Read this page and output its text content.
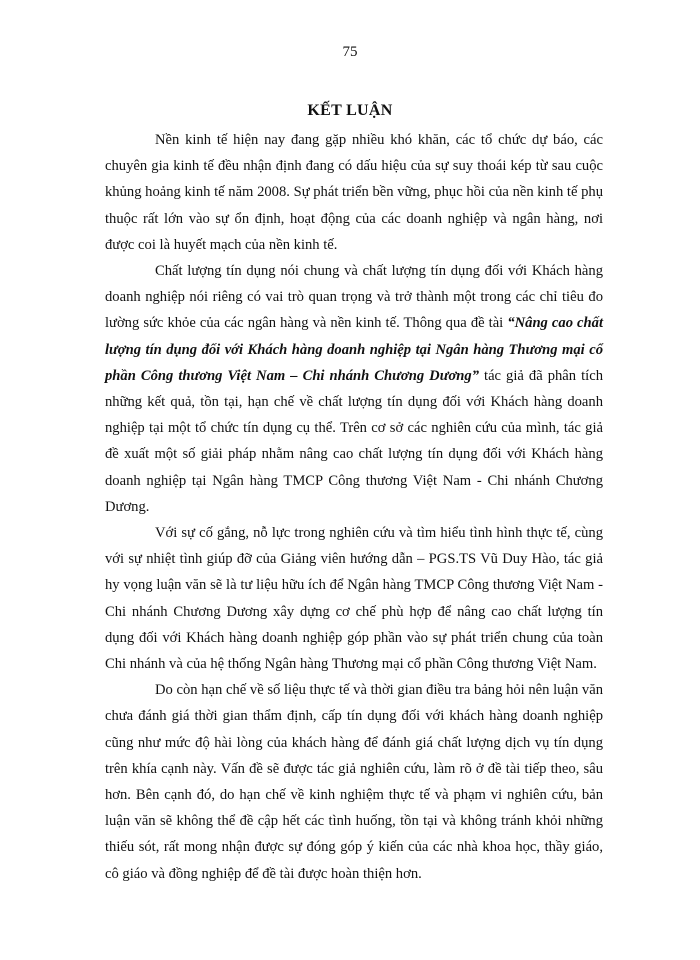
75
KẾT LUẬN

Nền kinh tế hiện nay đang gặp nhiều khó khăn, các tổ chức dự báo, các chuyên gia kinh tế đều nhận định đang có dấu hiệu của sự suy thoái kép từ sau cuộc khủng hoảng kinh tế năm 2008. Sự phát triển bền vững, phục hồi của nền kinh tế phụ thuộc rất lớn vào sự ổn định, hoạt động của các doanh nghiệp và ngân hàng, nơi được coi là huyết mạch của nền kinh tế.

Chất lượng tín dụng nói chung và chất lượng tín dụng đối với Khách hàng doanh nghiệp nói riêng có vai trò quan trọng và trở thành một trong các chỉ tiêu đo lường sức khỏe của các ngân hàng và nền kinh tế. Thông qua đề tài “Nâng cao chất lượng tín dụng đối với Khách hàng doanh nghiệp tại Ngân hàng Thương mại cổ phần Công thương Việt Nam – Chi nhánh Chương Dương” tác giả đã phân tích những kết quả, tồn tại, hạn chế về chất lượng tín dụng đối với Khách hàng doanh nghiệp tại một tổ chức tín dụng cụ thể. Trên cơ sở các nghiên cứu của mình, tác giả đề xuất một số giải pháp nhằm nâng cao chất lượng tín dụng đối với Khách hàng doanh nghiệp tại Ngân hàng TMCP Công thương Việt Nam - Chi nhánh Chương Dương.

Với sự cố gắng, nỗ lực trong nghiên cứu và tìm hiểu tình hình thực tế, cùng với sự nhiệt tình giúp đỡ của Giảng viên hướng dẫn – PGS.TS Vũ Duy Hào, tác giả hy vọng luận văn sẽ là tư liệu hữu ích để Ngân hàng TMCP Công thương Việt Nam - Chi nhánh Chương Dương xây dựng cơ chế phù hợp để nâng cao chất lượng tín dụng đối với Khách hàng doanh nghiệp góp phần vào sự phát triển chung của toàn Chi nhánh và của hệ thống Ngân hàng Thương mại cổ phần Công thương Việt Nam.

Do còn hạn chế về số liệu thực tế và thời gian điều tra bảng hỏi nên luận văn chưa đánh giá thời gian thẩm định, cấp tín dụng đối với khách hàng doanh nghiệp cũng như mức độ hài lòng của khách hàng để đánh giá chất lượng dịch vụ tín dụng trên khía cạnh này. Vấn đề sẽ được tác giả nghiên cứu, làm rõ ở đề tài tiếp theo, sâu hơn. Bên cạnh đó, do hạn chế về kinh nghiệm thực tế và phạm vi nghiên cứu, bản luận văn sẽ không thể đề cập hết các tình huống, tồn tại và không tránh khỏi những thiếu sót, rất mong nhận được sự đóng góp ý kiến của các nhà khoa học, thầy giáo, cô giáo và đồng nghiệp để đề tài được hoàn thiện hơn.
